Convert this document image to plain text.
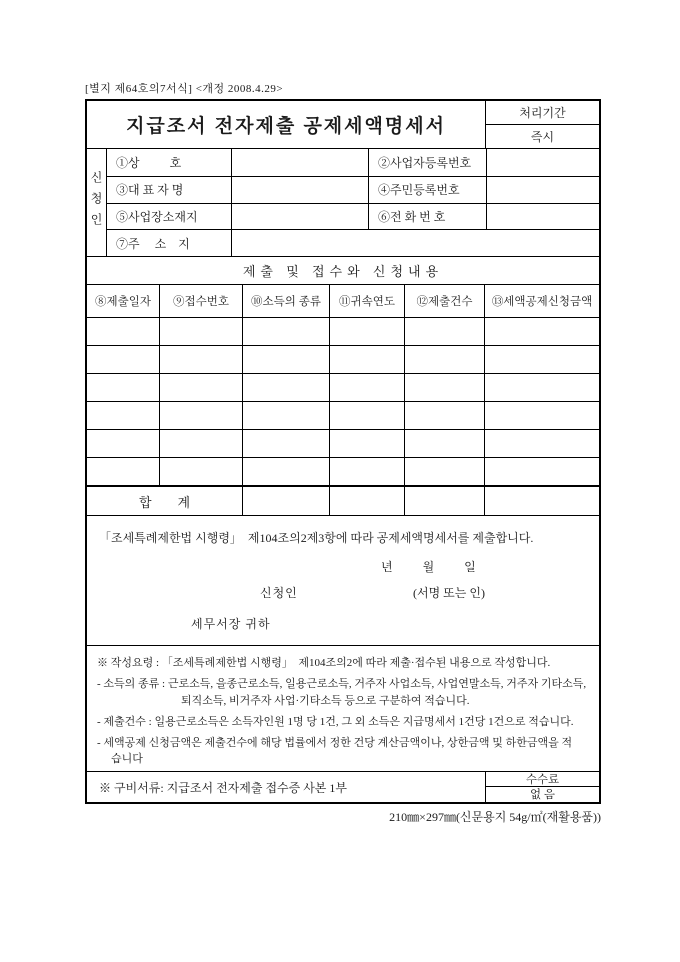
[별지 제64호의7서식] <개정 2008.4.29>
지급조서 전자제출 공제세액명세서
처리기간
즉시
신청인
①상          호	②사업자등록번호
③대 표 자 명	④주민등록번호
⑤사업장소재지	⑥전 화 번 호
⑦주     소    지
제출 및 접수와 신청내용
⑧제출일자	⑨접수번호	⑩소득의 종류	⑪귀속연도	⑫제출건수	⑬세액공제신청금액
합        계
「조세특례제한법 시행령」  제104조의2제3항에 따라 공제세액명세서를 제출합니다.
년          월          일
신청인	(서명 또는 인)
세무서장 귀하
※ 작성요령 : 「조세특례제한법 시행령」  제104조의2에 따라 제출·접수된 내용으로 작성합니다.
- 소득의 종류 : 근로소득, 을종근로소득, 일용근로소득, 거주자 사업소득, 사업연말소득, 거주자 기타소득,
퇴직소득, 비거주자 사업·기타소득 등으로 구분하여 적습니다.
- 제출건수 : 일용근로소득은 소득자인원 1명 당 1건, 그 외 소득은 지급명세서 1건당 1건으로 적습니다.
- 세액공제 신청금액은 제출건수에 해당 법률에서 정한 건당 계산금액이나, 상한금액 및 하한금액을 적
습니다
※ 구비서류: 지급조서 전자제출 접수증 사본 1부
수수료
없 음
210㎜×297㎜(신문용지 54g/㎡(재활용품))
